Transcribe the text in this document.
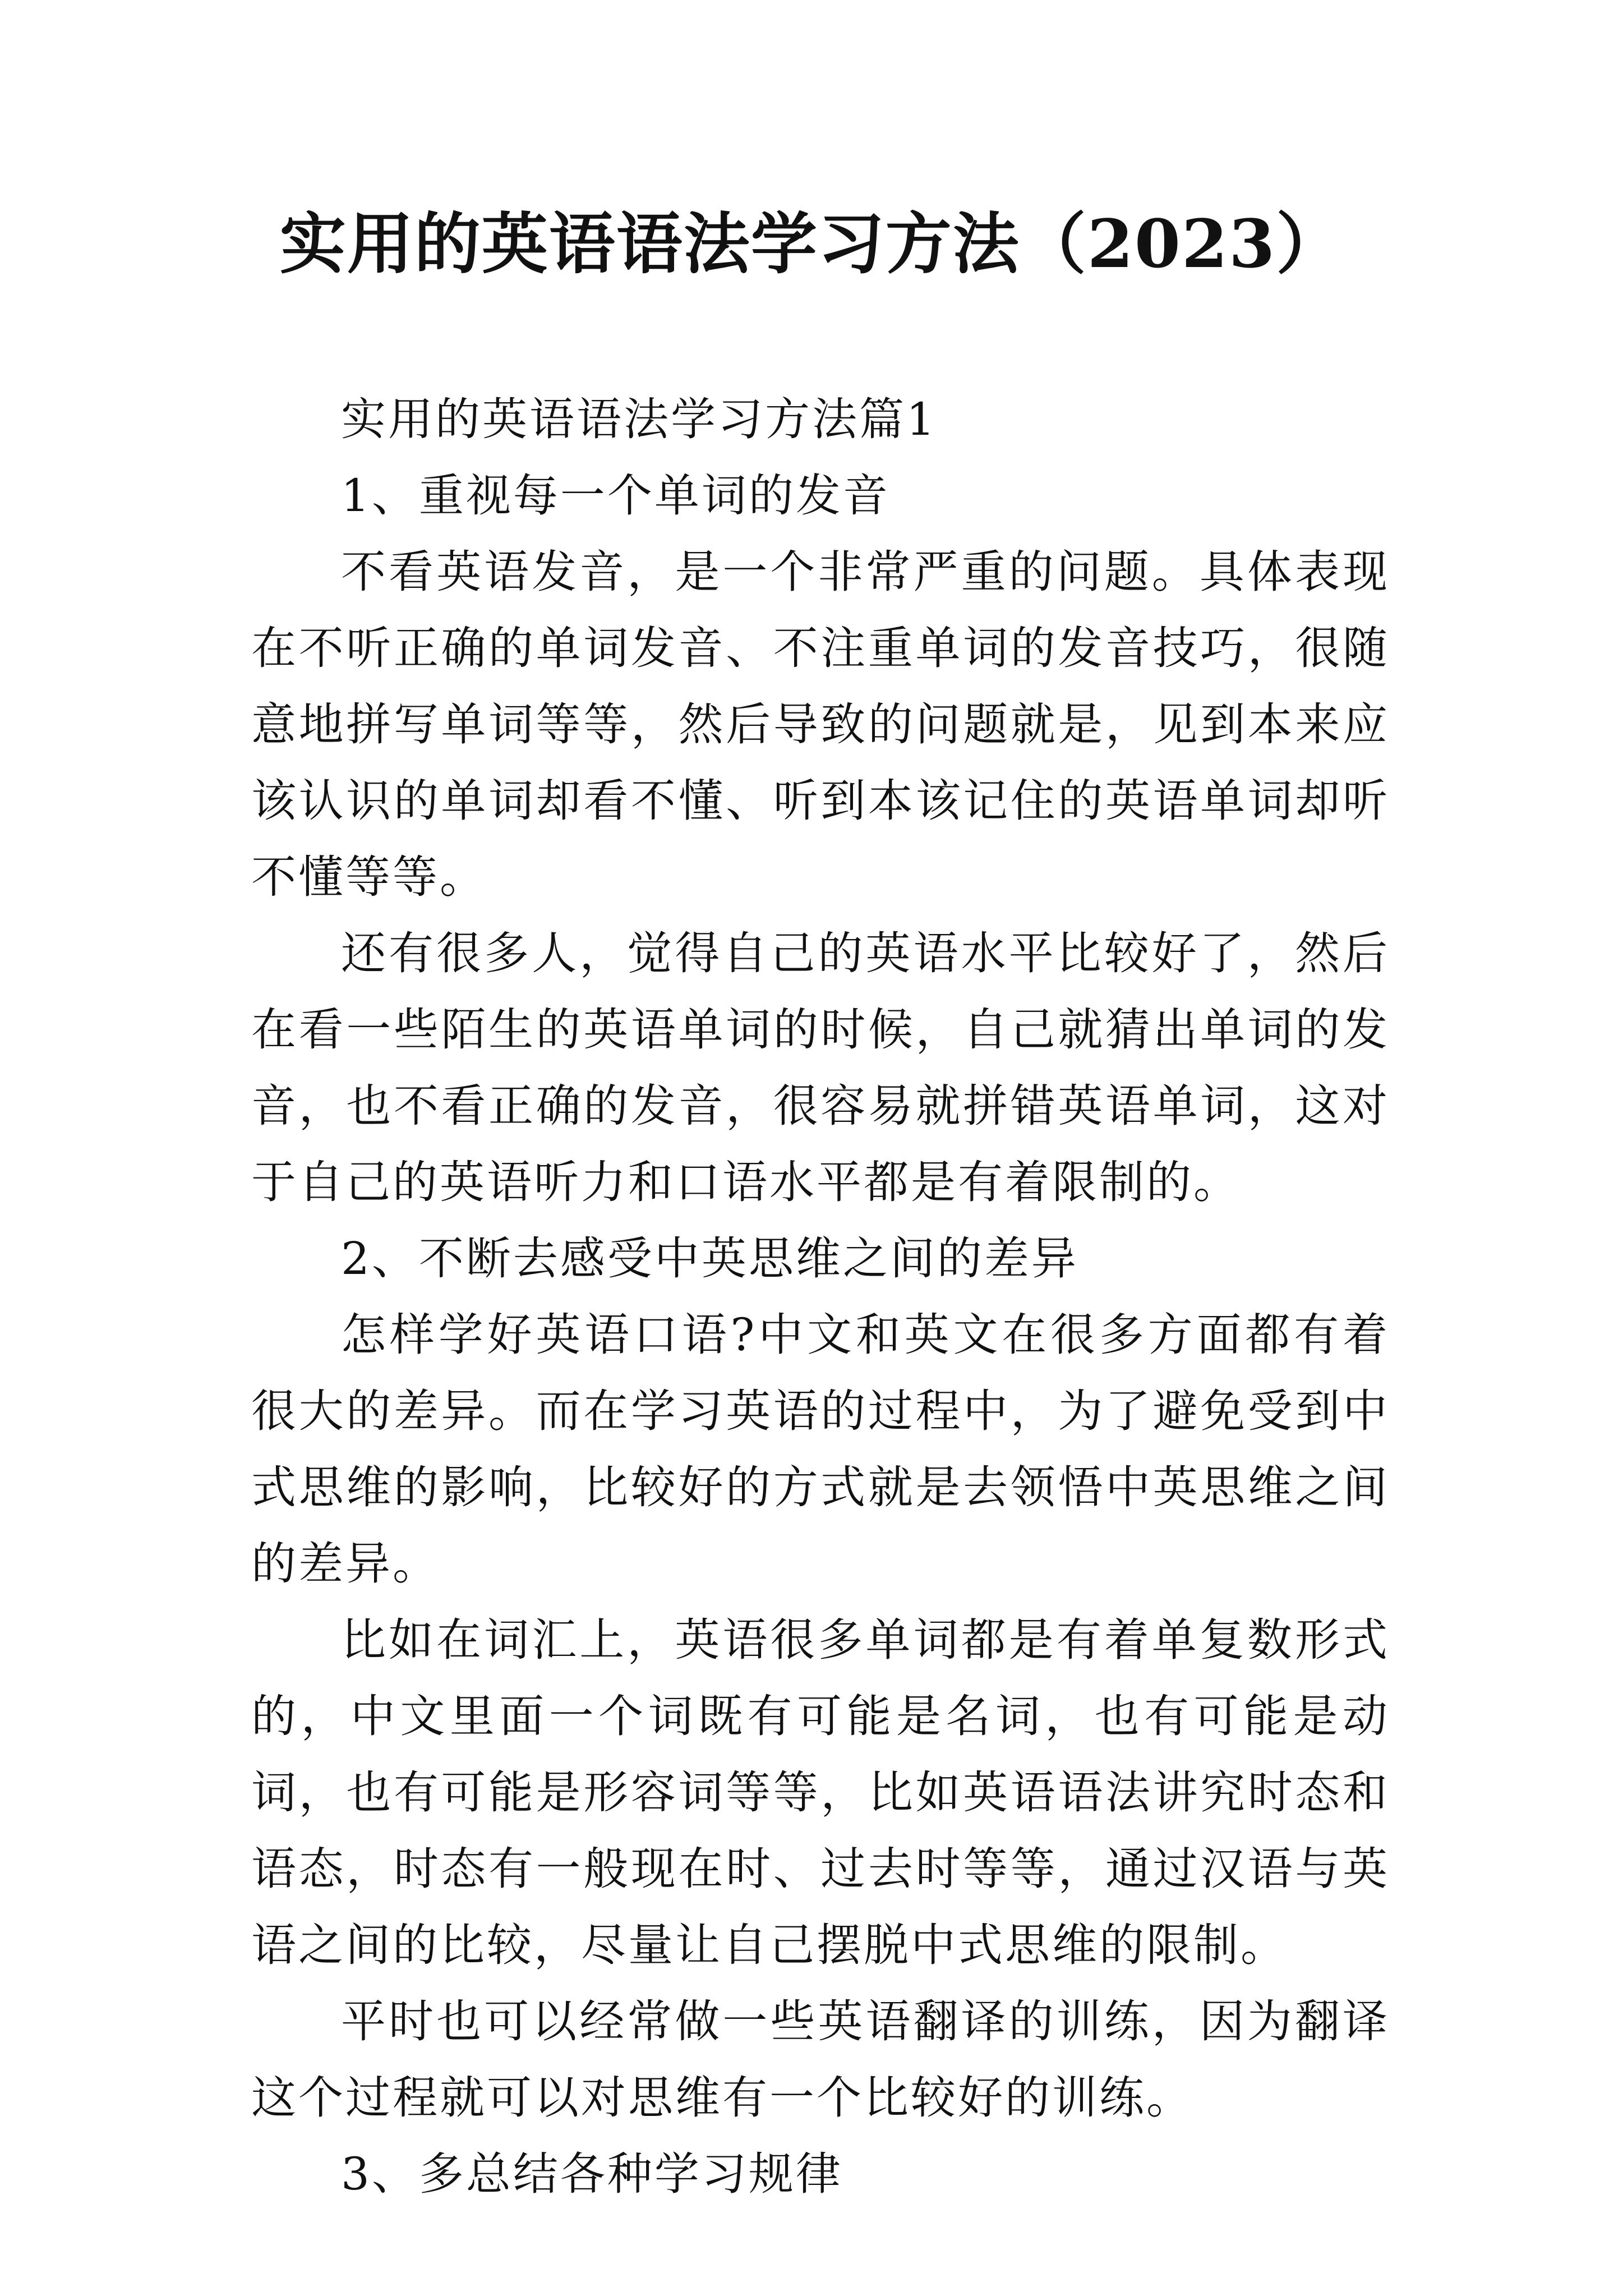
实用的英语语法学习方法（2023）

实用的英语语法学习方法篇1

1、重视每一个单词的发音

不看英语发音，是一个非常严重的问题。具体表现在不听正确的单词发音、不注重单词的发音技巧，很随意地拼写单词等等，然后导致的问题就是，见到本来应该认识的单词却看不懂、听到本该记住的英语单词却听不懂等等。

还有很多人，觉得自己的英语水平比较好了，然后在看一些陌生的英语单词的时候，自己就猜出单词的发音，也不看正确的发音，很容易就拼错英语单词，这对于自己的英语听力和口语水平都是有着限制的。

2、不断去感受中英思维之间的差异

怎样学好英语口语?中文和英文在很多方面都有着很大的差异。而在学习英语的过程中，为了避免受到中式思维的影响，比较好的方式就是去领悟中英思维之间的差异。

比如在词汇上，英语很多单词都是有着单复数形式的，中文里面一个词既有可能是名词，也有可能是动词，也有可能是形容词等等，比如英语语法讲究时态和语态，时态有一般现在时、过去时等等，通过汉语与英语之间的比较，尽量让自己摆脱中式思维的限制。

平时也可以经常做一些英语翻译的训练，因为翻译这个过程就可以对思维有一个比较好的训练。

3、多总结各种学习规律
